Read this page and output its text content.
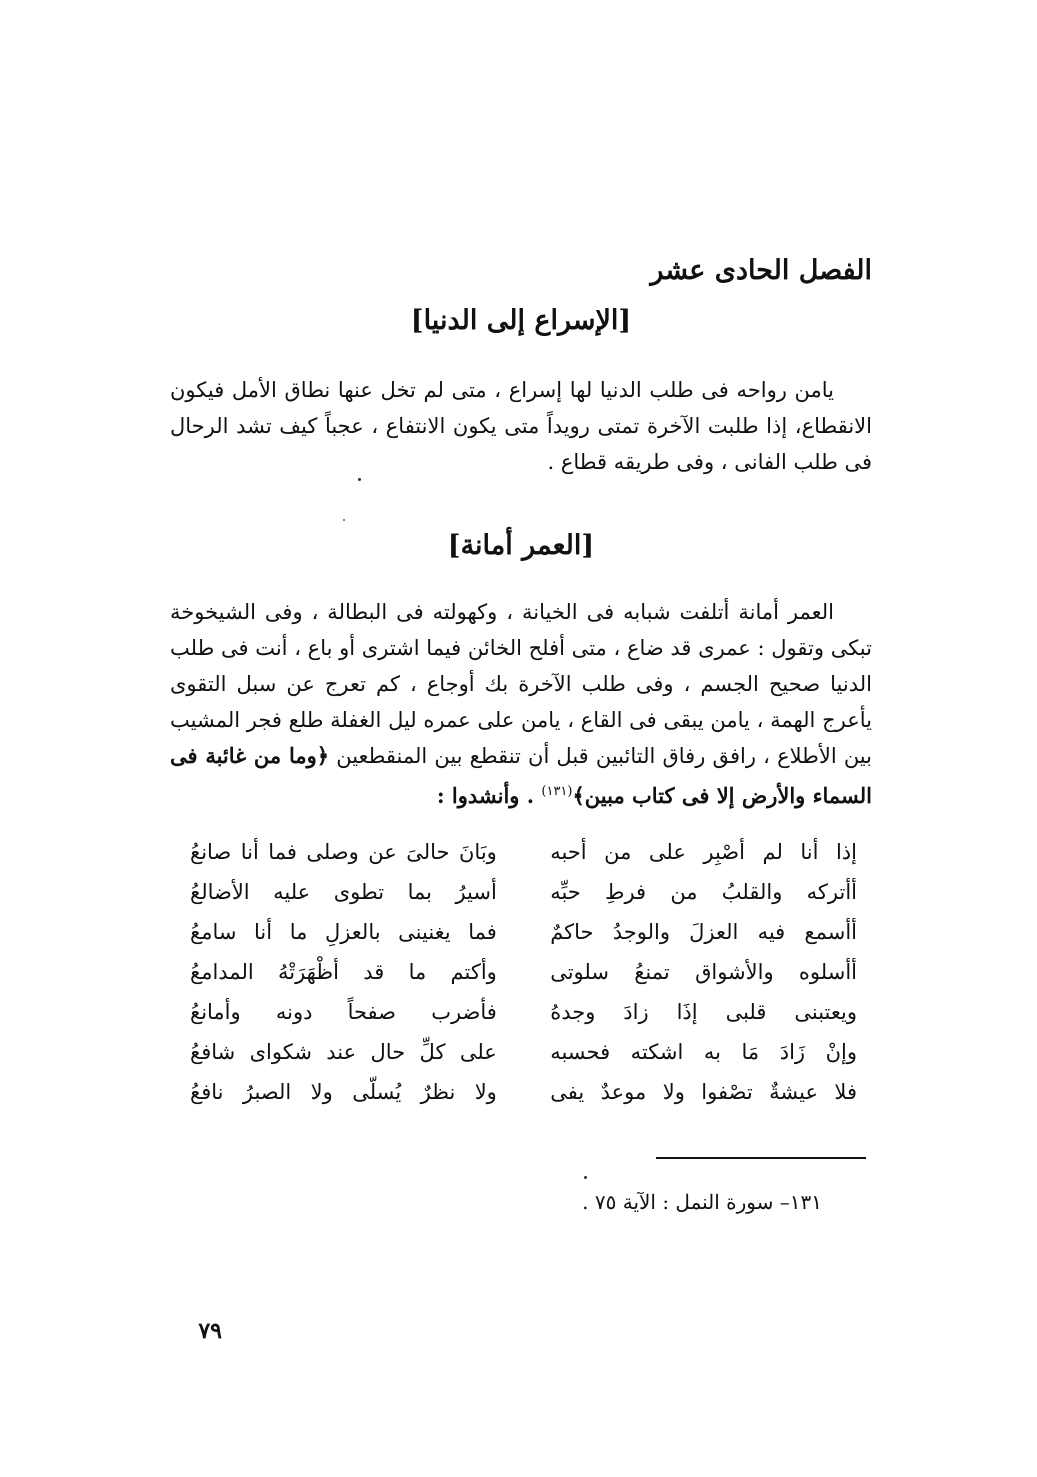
الفصل الحادى عشر
[الإسراع إلى الدنيا]
يامن رواحه فى طلب الدنيا لها إسراع ، متى لم تخل عنها نطاق الأمل فيكون الانقطاع، إذا طلبت الآخرة تمتى رويداً متى يكون الانتفاع ، عجباً كيف تشد الرحال فى طلب الفانى ، وفى طريقه قطاع .
[العمر أمانة]
العمر أمانة أتلفت شبابه فى الخيانة ، وكهولته فى البطالة ، وفى الشيخوخة تبكى وتقول : عمرى قد ضاع ، متى أفلح الخائن فيما اشترى أو باع ، أنت فى طلب الدنيا صحيح الجسم ، وفى طلب الآخرة بك أوجاع ، كم تعرج عن سبل التقوى يأعرج الهمة ، يامن يبقى فى القاع ، يامن على عمره ليل الغفلة طلع فجر المشيب بين الأطلاع ، رافق رفاق التائبين قبل أن تنقطع بين المنقطعين ﴿وما من غائبة فى السماء والأرض إلا فى كتاب مبين﴾$^{(١٣١)}$ . وأنشدوا :
إذا أنا لم أصْبِر على من أحبه
وبَانَ حالىَ عن وصلى فما أنا صانعُ
أأتركه والقلبُ من فرطِ حبِّه
أسيرُ بما تطوى عليه الأضالعُ
أأسمع فيه العزلَ والوجدُ حاكمٌ
فما يغنينى بالعزلِ ما أنا سامعُ
أأسلوه والأشواق تمنعُ سلوتى
وأكتم ما قد أظْهَرَتْهُ المدامعُ
ويعتبنى قلبى إذَا زادَ وجدهُ
فأضرب صفحاً دونه وأمانعُ
وإنْ زَادَ مَا به اشكته فحسبه
على كلِّ حال عند شكواى شافعُ
فلا عيشةٌ تصْفوا ولا موعدٌ يفى
ولا نظرٌ يُسلّى ولا الصبرُ نافعُ
١٣١– سورة النمل : الآية ٧٥ .
٧٩
